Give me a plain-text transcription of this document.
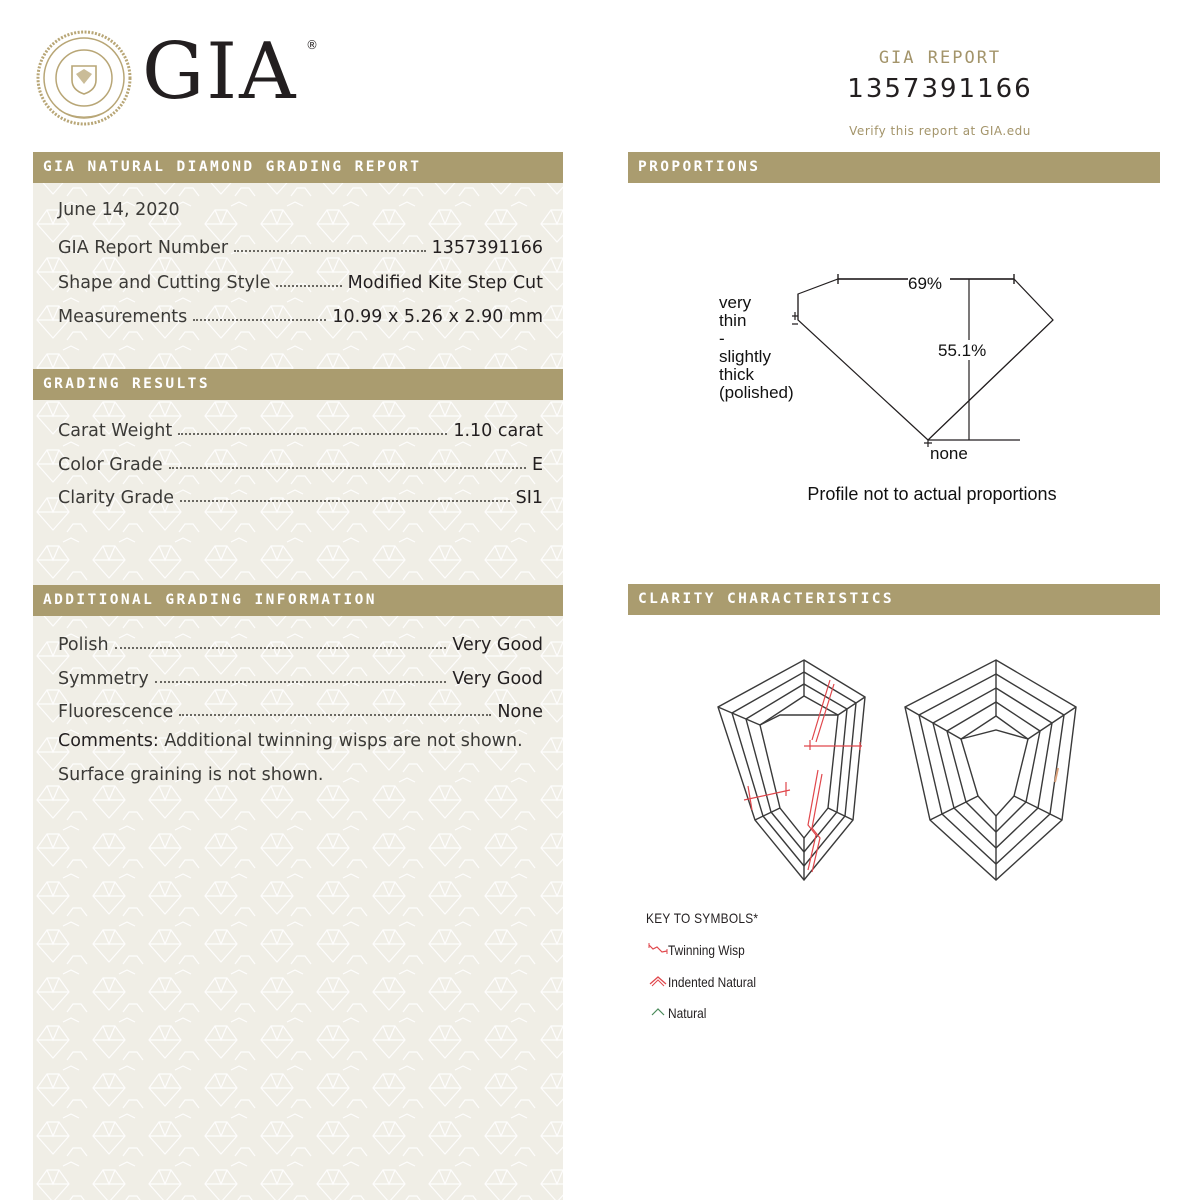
GIA ®
GIA REPORT
1357391166
Verify this report at GIA.edu
GIA NATURAL DIAMOND GRADING REPORT
June 14, 2020
GIA Report Number	1357391166
Shape and Cutting Style	Modified Kite Step Cut
Measurements	10.99 x 5.26 x 2.90 mm
GRADING RESULTS
Carat Weight	1.10 carat
Color Grade	E
Clarity Grade	SI1
ADDITIONAL GRADING INFORMATION
Polish	Very Good
Symmetry	Very Good
Fluorescence	None
Comments: Additional twinning wisps are not shown.
Surface graining is not shown.
PROPORTIONS
69%
55.1%
very
thin
-
slightly
thick
(polished)
none
Profile not to actual proportions
CLARITY CHARACTERISTICS
KEY TO SYMBOLS*
Twinning Wisp
Indented Natural
Natural
